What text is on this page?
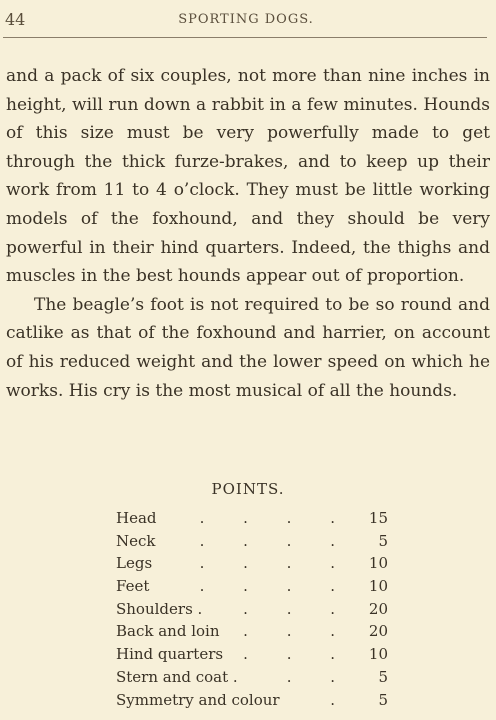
44	SPORTING DOGS.

and a pack of six couples, not more than nine inches in height, will run down a rabbit in a few minutes. Hounds of this size must be very powerfully made to get through the thick furze-brakes, and to keep up their work from 11 to 4 o’clock. They must be little working models of the foxhound, and they should be very powerful in their hind quarters. Indeed, the thighs and muscles in the best hounds appear out of proportion.

The beagle’s foot is not required to be so round and catlike as that of the foxhound and harrier, on account of his reduced weight and the lower speed on which he works. His cry is the most musical of all the hounds.

POINTS.
Head	. . . .	15
Neck	. . . .	5
Legs	. . . .	10
Feet	. . . .	10
Shoulders .	. . .	20
Back and loin . . .	20
Hind quarters . . .	10
Stern and coat .	. .	5
Symmetry and colour	.	5
